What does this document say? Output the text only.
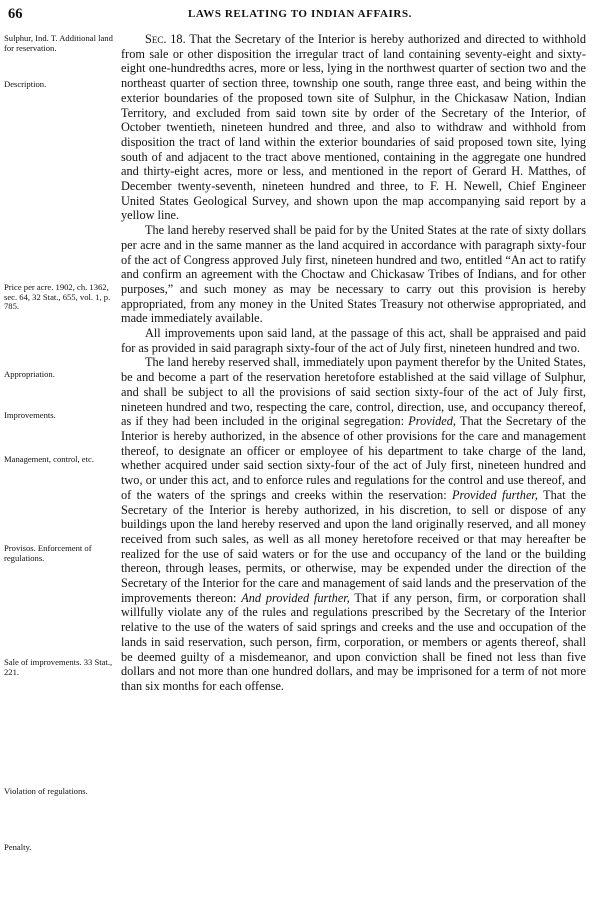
66	LAWS RELATING TO INDIAN AFFAIRS.
Sulphur, Ind. T. Additional land for reservation.
Description.
Price per acre. 1902, ch. 1362, sec. 64, 32 Stat., 655, vol. 1, p. 785.
Appropriation.
Improvements.
Management, control, etc.
Provisos. Enforcement of regulations.
Sale of improvements. 33 Stat., 221.
Violation of regulations.
Penalty.

Sec. 18. That the Secretary of the Interior is hereby authorized and directed to withhold from sale or other disposition the irregular tract of land containing seventy-eight and sixty-eight one-hundredths acres, more or less, lying in the northwest quarter of section two and the northeast quarter of section three, township one south, range three east, and being within the exterior boundaries of the proposed town site of Sulphur, in the Chickasaw Nation, Indian Territory, and excluded from said town site by order of the Secretary of the Interior, of October twentieth, nineteen hundred and three, and also to withdraw and withhold from disposition the tract of land within the exterior boundaries of said proposed town site, lying south of and adjacent to the tract above mentioned, containing in the aggregate one hundred and thirty-eight acres, more or less, and mentioned in the report of Gerard H. Matthes, of December twenty-seventh, nineteen hundred and three, to F. H. Newell, Chief Engineer United States Geological Survey, and shown upon the map accompanying said report by a yellow line.

The land hereby reserved shall be paid for by the United States at the rate of sixty dollars per acre and in the same manner as the land acquired in accordance with paragraph sixty-four of the act of Congress approved July first, nineteen hundred and two, entitled “An act to ratify and confirm an agreement with the Choctaw and Chickasaw Tribes of Indians, and for other purposes,” and such money as may be necessary to carry out this provision is hereby appropriated, from any money in the United States Treasury not otherwise appropriated, and made immediately available.

All improvements upon said land, at the passage of this act, shall be appraised and paid for as provided in said paragraph sixty-four of the act of July first, nineteen hundred and two.

The land hereby reserved shall, immediately upon payment therefor by the United States, be and become a part of the reservation heretofore established at the said village of Sulphur, and shall be subject to all the provisions of said section sixty-four of the act of July first, nineteen hundred and two, respecting the care, control, direction, use, and occupancy thereof, as if they had been included in the original segregation: Provided, That the Secretary of the Interior is hereby authorized, in the absence of other provisions for the care and management thereof, to designate an officer or employee of his department to take charge of the land, whether acquired under said section sixty-four of the act of July first, nineteen hundred and two, or under this act, and to enforce rules and regulations for the control and use thereof, and of the waters of the springs and creeks within the reservation: Provided further, That the Secretary of the Interior is hereby authorized, in his discretion, to sell or dispose of any buildings upon the land hereby reserved and upon the land originally reserved, and all money received from such sales, as well as all money heretofore received or that may hereafter be realized for the use of said waters or for the use and occupancy of the land or the building thereon, through leases, permits, or otherwise, may be expended under the direction of the Secretary of the Interior for the care and management of said lands and the preservation of the improvements thereon: And provided further, That if any person, firm, or corporation shall willfully violate any of the rules and regulations prescribed by the Secretary of the Interior relative to the use of the waters of said springs and creeks and the use and occupation of the lands in said reservation, such person, firm, corporation, or members or agents thereof, shall be deemed guilty of a misdemeanor, and upon conviction shall be fined not less than five dollars and not more than one hundred dollars, and may be imprisoned for a term of not more than six months for each offense.
